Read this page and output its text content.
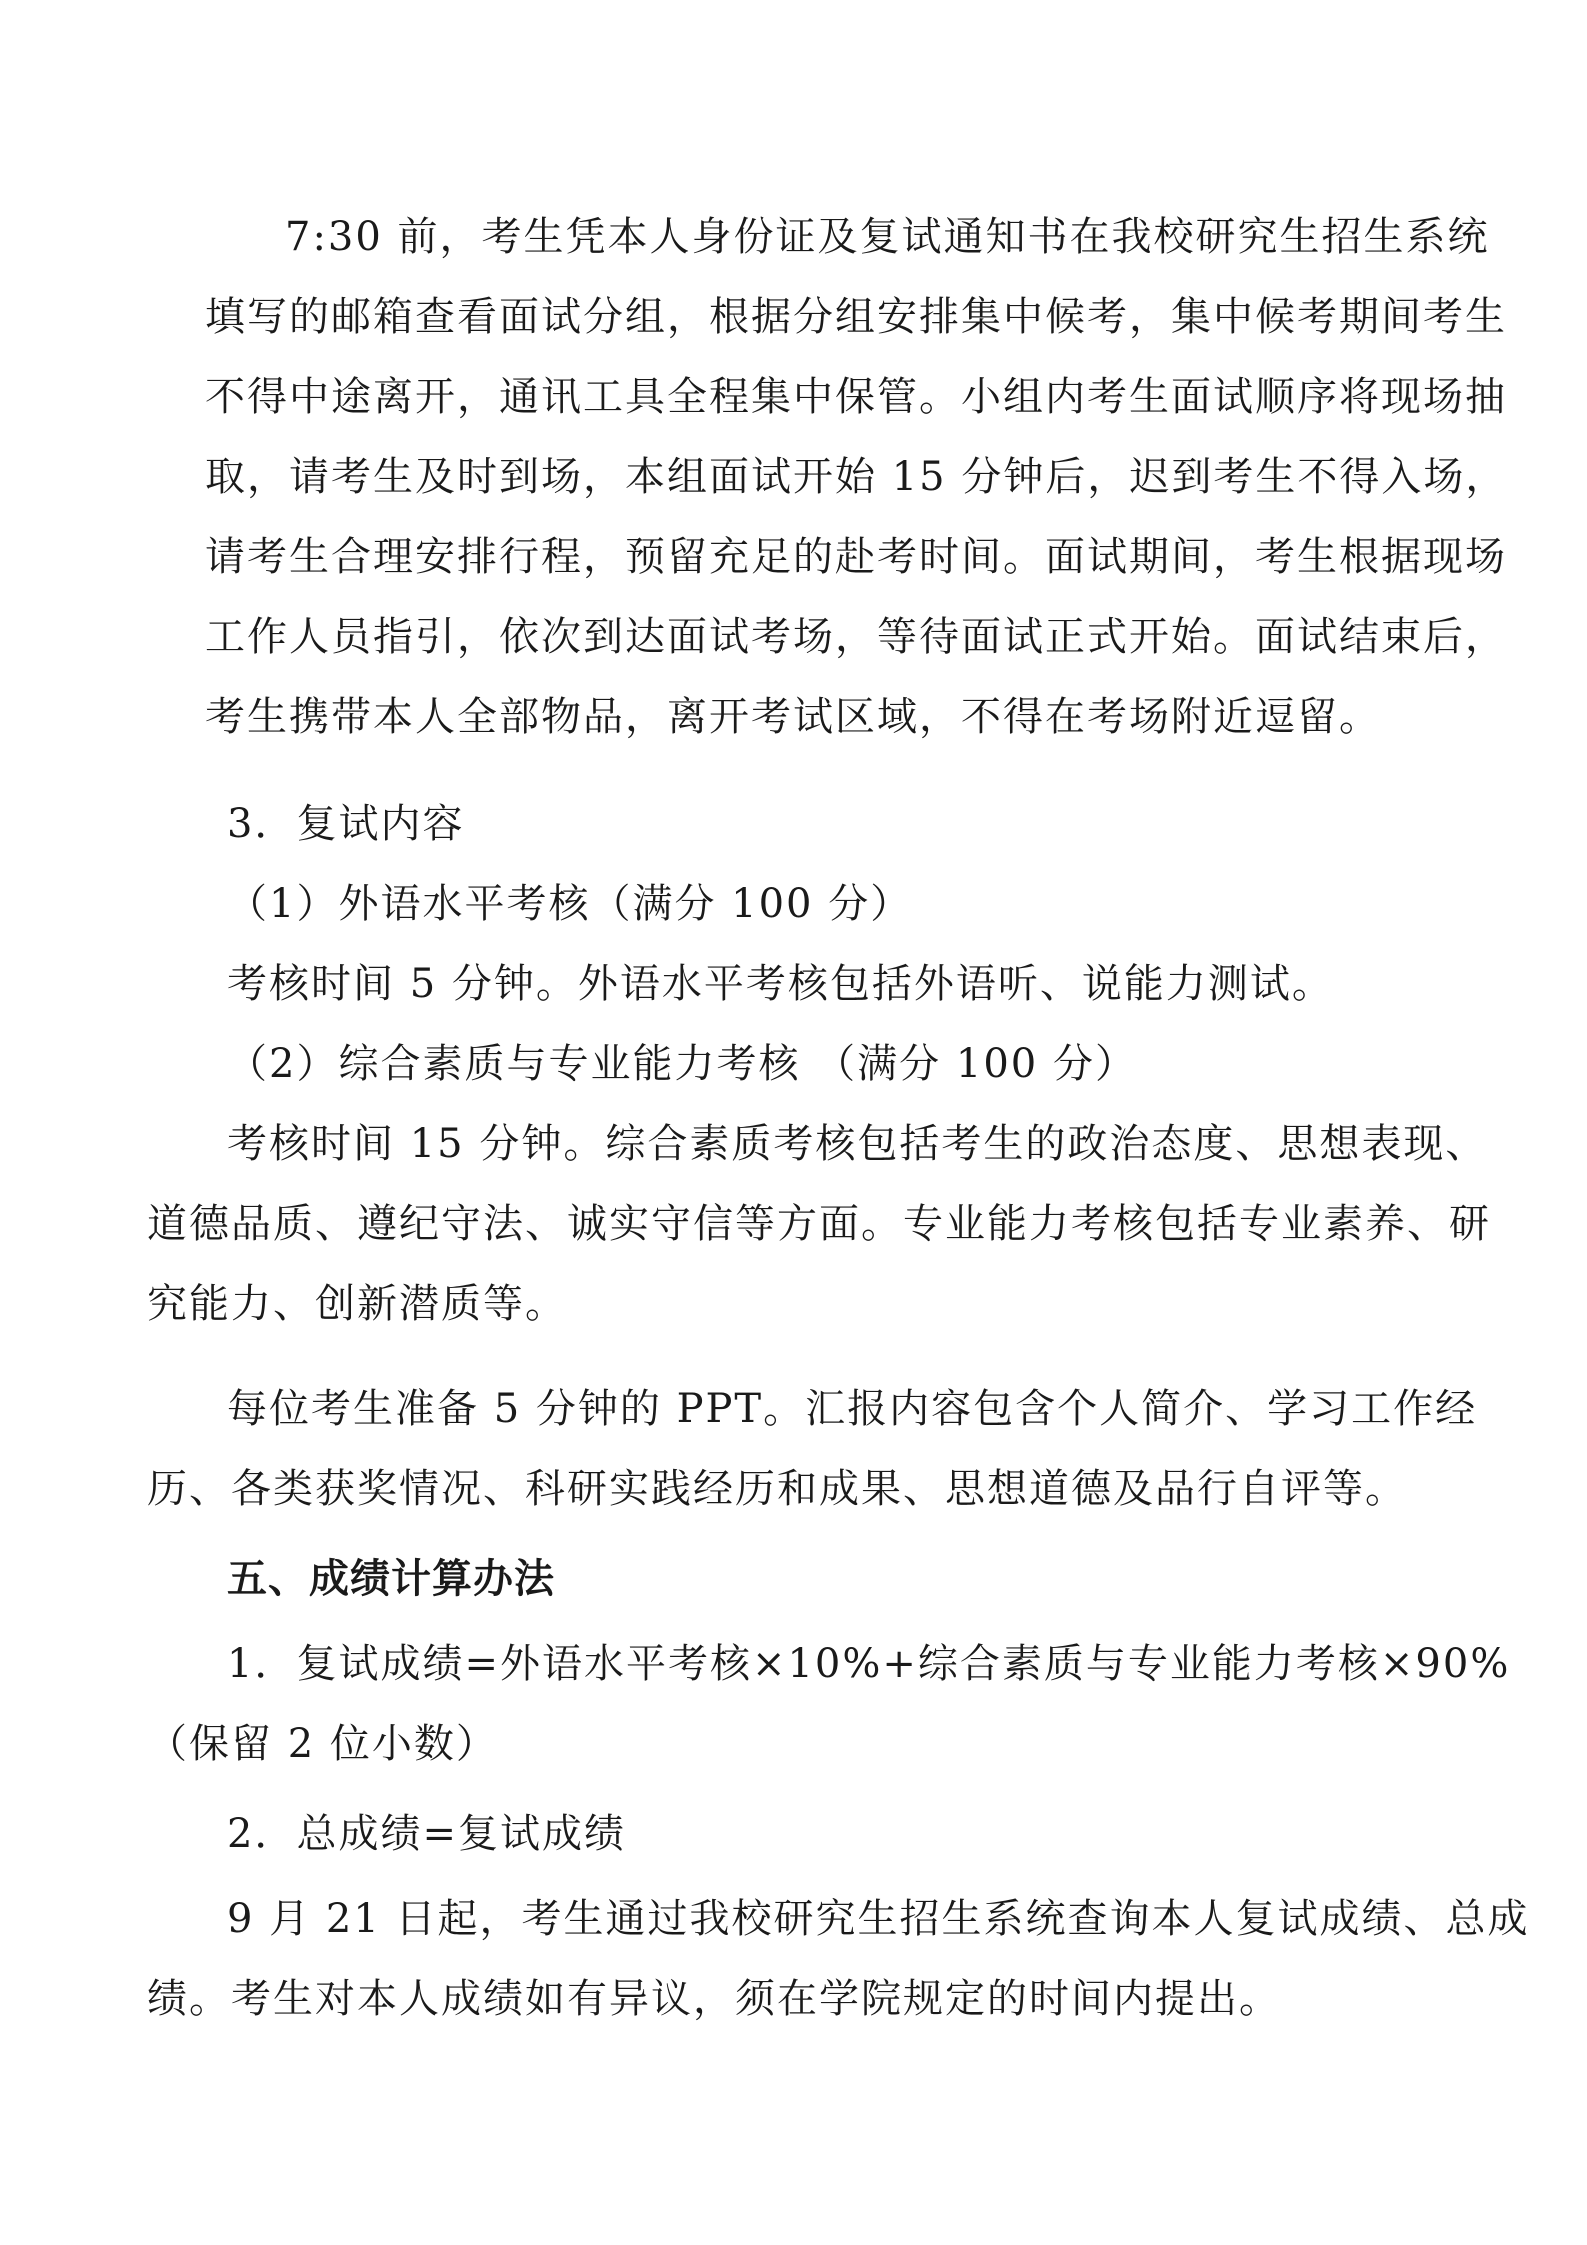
7:30 前，考生凭本人身份证及复试通知书在我校研究生招生系统
填写的邮箱查看面试分组，根据分组安排集中候考，集中候考期间考生
不得中途离开，通讯工具全程集中保管。小组内考生面试顺序将现场抽
取，请考生及时到场，本组面试开始 15 分钟后，迟到考生不得入场，
请考生合理安排行程，预留充足的赴考时间。面试期间，考生根据现场
工作人员指引，依次到达面试考场，等待面试正式开始。面试结束后，
考生携带本人全部物品，离开考试区域，不得在考场附近逗留。
3．复试内容
（1）外语水平考核（满分 100 分）
考核时间 5 分钟。外语水平考核包括外语听、说能力测试。
（2）综合素质与专业能力考核 （满分 100 分）
考核时间 15 分钟。综合素质考核包括考生的政治态度、思想表现、
道德品质、遵纪守法、诚实守信等方面。专业能力考核包括专业素养、研
究能力、创新潜质等。
每位考生准备 5 分钟的 PPT。汇报内容包含个人简介、学习工作经
历、各类获奖情况、科研实践经历和成果、思想道德及品行自评等。
五、成绩计算办法
1．复试成绩=外语水平考核×10%+综合素质与专业能力考核×90%
（保留 2 位小数）
2．总成绩=复试成绩
9 月 21 日起，考生通过我校研究生招生系统查询本人复试成绩、总成
绩。考生对本人成绩如有异议，须在学院规定的时间内提出。
